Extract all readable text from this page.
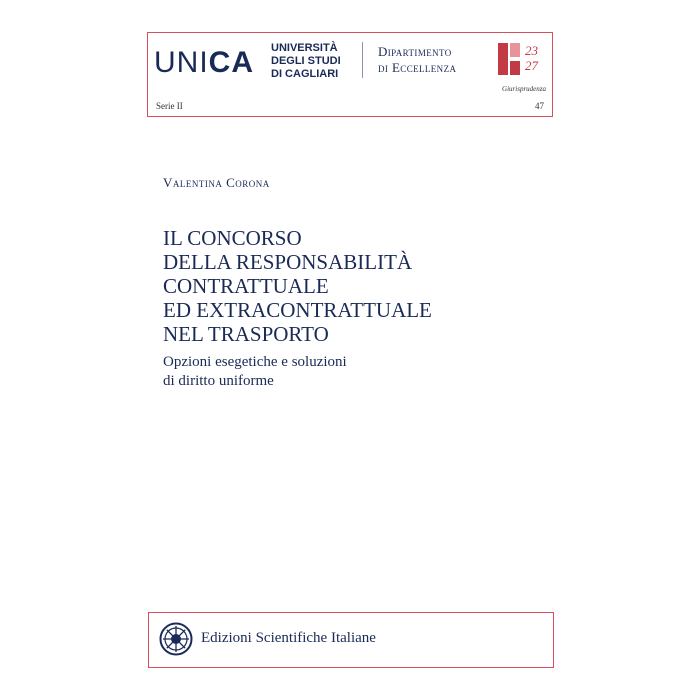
UNICA UNIVERSITÀ
DEGLI STUDI
DI CAGLIARI
Dipartimento
di Eccellenza
23
27
Giurisprudenza
Serie II	47
Valentina Corona
IL CONCORSO
DELLA RESPONSABILITÀ
CONTRATTUALE
ED EXTRACONTRATTUALE
NEL TRASPORTO
Opzioni esegetiche e soluzioni
di diritto uniforme
Edizioni Scientifiche Italiane
